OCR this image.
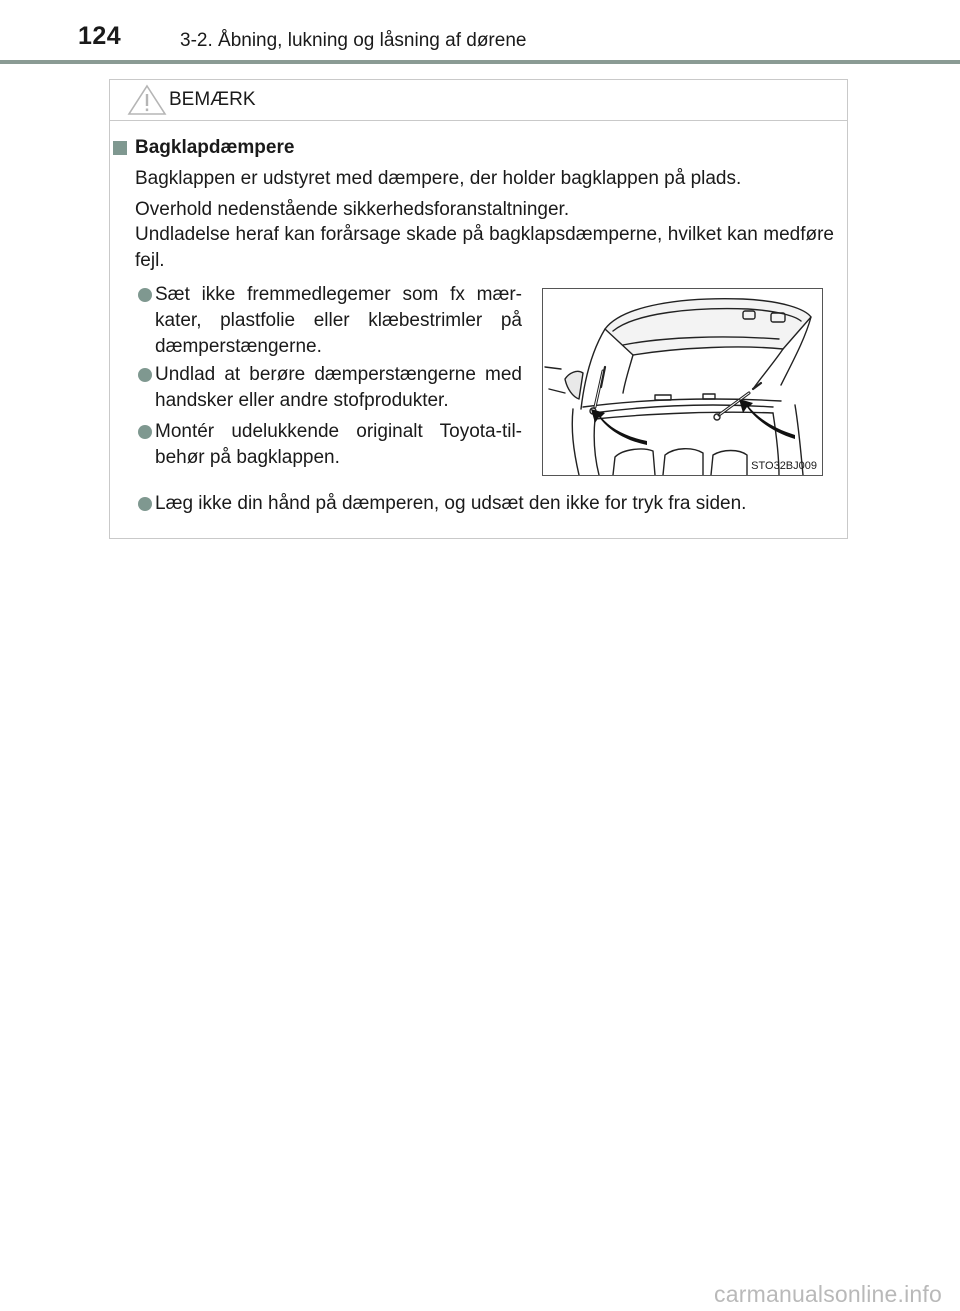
124	3-2. Åbning, lukning og låsning af dørene
BEMÆRK
Bagklapdæmpere
Bagklappen er udstyret med dæmpere, der holder bagklappen på plads.
Overhold nedenstående sikkerhedsforanstaltninger.
Undladelse heraf kan forårsage skade på bagklapsdæmperne, hvilket kan medføre fejl.
Sæt ikke fremmedlegemer som fx mær-kater, plastfolie eller klæbestrimler på dæmperstængerne.
Undlad at berøre dæmperstængerne med handsker eller andre stofprodukter.
Montér udelukkende originalt Toyota-til-behør på bagklappen.
Læg ikke din hånd på dæmperen, og udsæt den ikke for tryk fra siden.
STO32BJ009
carmanualsonline.info
